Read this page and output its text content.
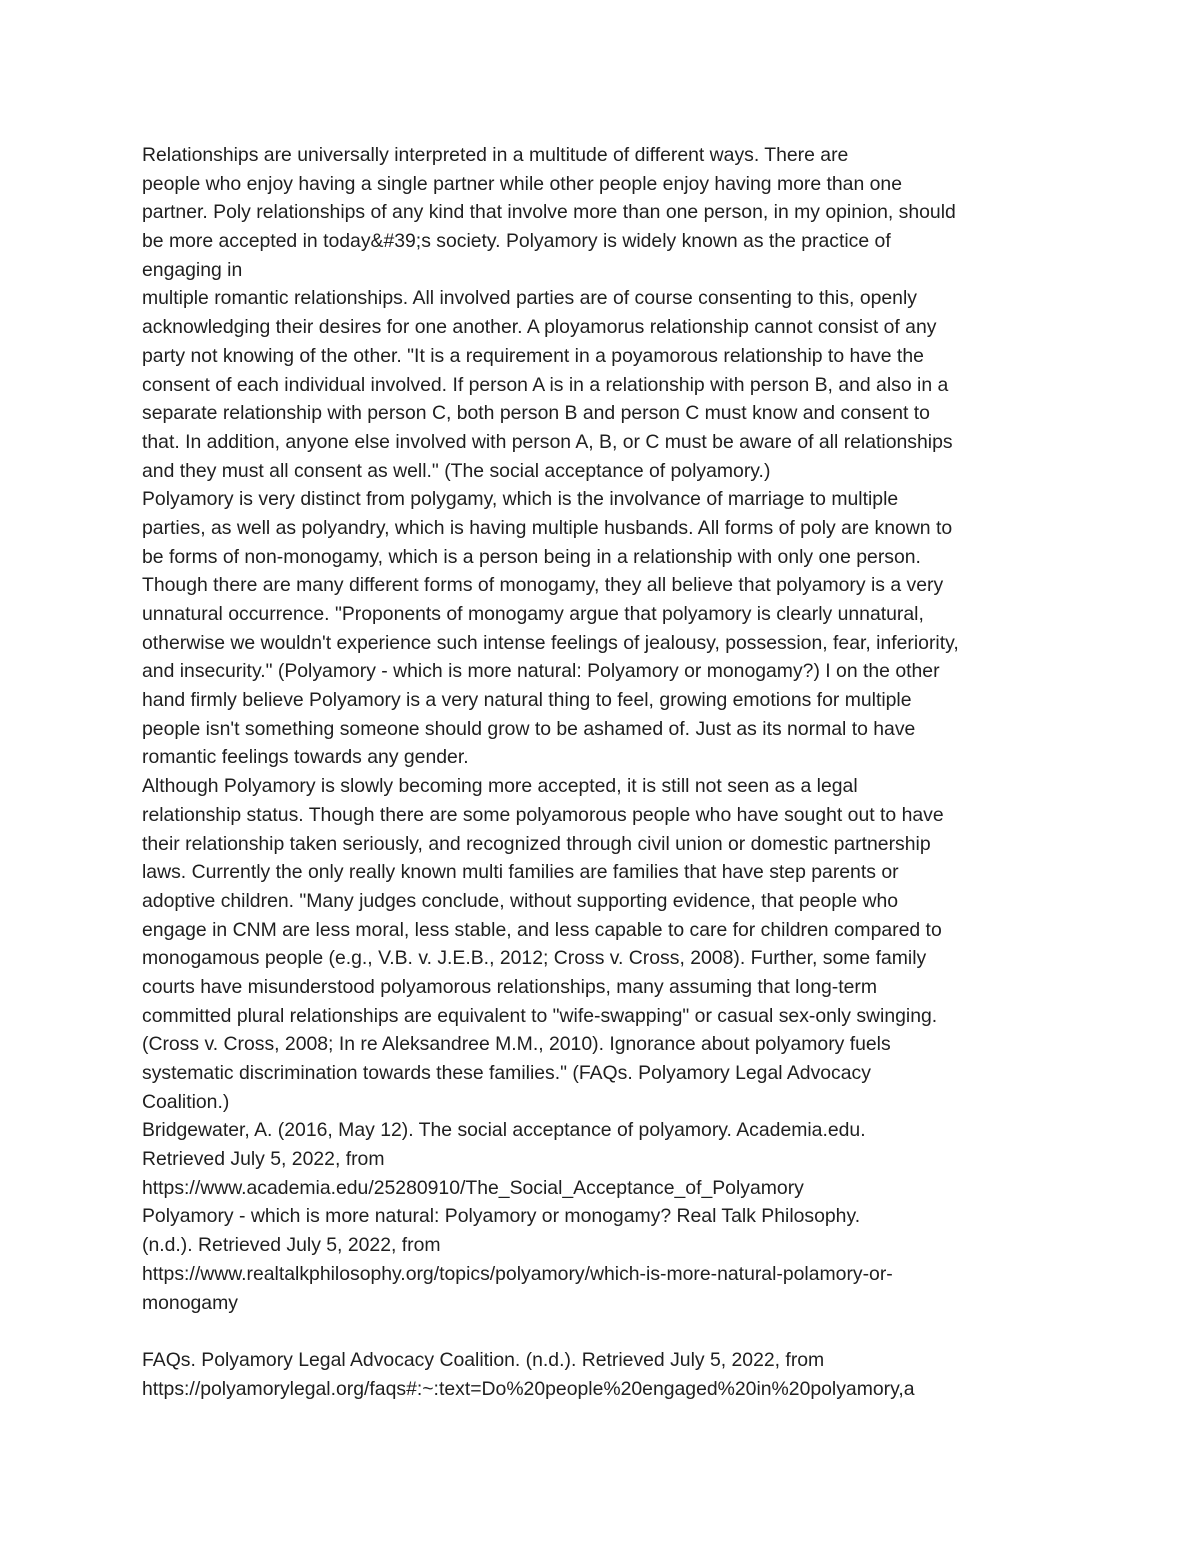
Relationships are universally interpreted in a multitude of different ways. There are
people who enjoy having a single partner while other people enjoy having more than one
partner. Poly relationships of any kind that involve more than one person, in my opinion, should
be more accepted in today&#39;s society. Polyamory is widely known as the practice of
engaging in
multiple romantic relationships. All involved parties are of course consenting to this, openly
acknowledging their desires for one another. A ployamorus relationship cannot consist of any
party not knowing of the other. "It is a requirement in a poyamorous relationship to have the
consent of each individual involved. If person A is in a relationship with person B, and also in a
separate relationship with person C, both person B and person C must know and consent to
that. In addition, anyone else involved with person A, B, or C must be aware of all relationships
and they must all consent as well." (The social acceptance of polyamory.)
Polyamory is very distinct from polygamy, which is the involvance of marriage to multiple
parties, as well as polyandry, which is having multiple husbands. All forms of poly are known to
be forms of non-monogamy, which is a person being in a relationship with only one person.
Though there are many different forms of monogamy, they all believe that polyamory is a very
unnatural occurrence. "Proponents of monogamy argue that polyamory is clearly unnatural,
otherwise we wouldn't experience such intense feelings of jealousy, possession, fear, inferiority,
and insecurity." (Polyamory - which is more natural: Polyamory or monogamy?) I on the other
hand firmly believe Polyamory is a very natural thing to feel, growing emotions for multiple
people isn't something someone should grow to be ashamed of. Just as its normal to have
romantic feelings towards any gender.
Although Polyamory is slowly becoming more accepted, it is still not seen as a legal
relationship status. Though there are some polyamorous people who have sought out to have
their relationship taken seriously, and recognized through civil union or domestic partnership
laws. Currently the only really known multi families are families that have step parents or
adoptive children. "Many judges conclude, without supporting evidence, that people who
engage in CNM are less moral, less stable, and less capable to care for children compared to
monogamous people (e.g., V.B. v. J.E.B., 2012; Cross v. Cross, 2008). Further, some family
courts have misunderstood polyamorous relationships, many assuming that long-term
committed plural relationships are equivalent to "wife-swapping" or casual sex-only swinging.
(Cross v. Cross, 2008; In re Aleksandree M.M., 2010). Ignorance about polyamory fuels
systematic discrimination towards these families." (FAQs. Polyamory Legal Advocacy
Coalition.)
Bridgewater, A. (2016, May 12). The social acceptance of polyamory. Academia.edu.
Retrieved July 5, 2022, from
https://www.academia.edu/25280910/The_Social_Acceptance_of_Polyamory
Polyamory - which is more natural: Polyamory or monogamy? Real Talk Philosophy.
(n.d.). Retrieved July 5, 2022, from
https://www.realtalkphilosophy.org/topics/polyamory/which-is-more-natural-polamory-or-
monogamy
FAQs. Polyamory Legal Advocacy Coalition. (n.d.). Retrieved July 5, 2022, from
https://polyamorylegal.org/faqs#:~:text=Do%20people%20engaged%20in%20polyamory,a
